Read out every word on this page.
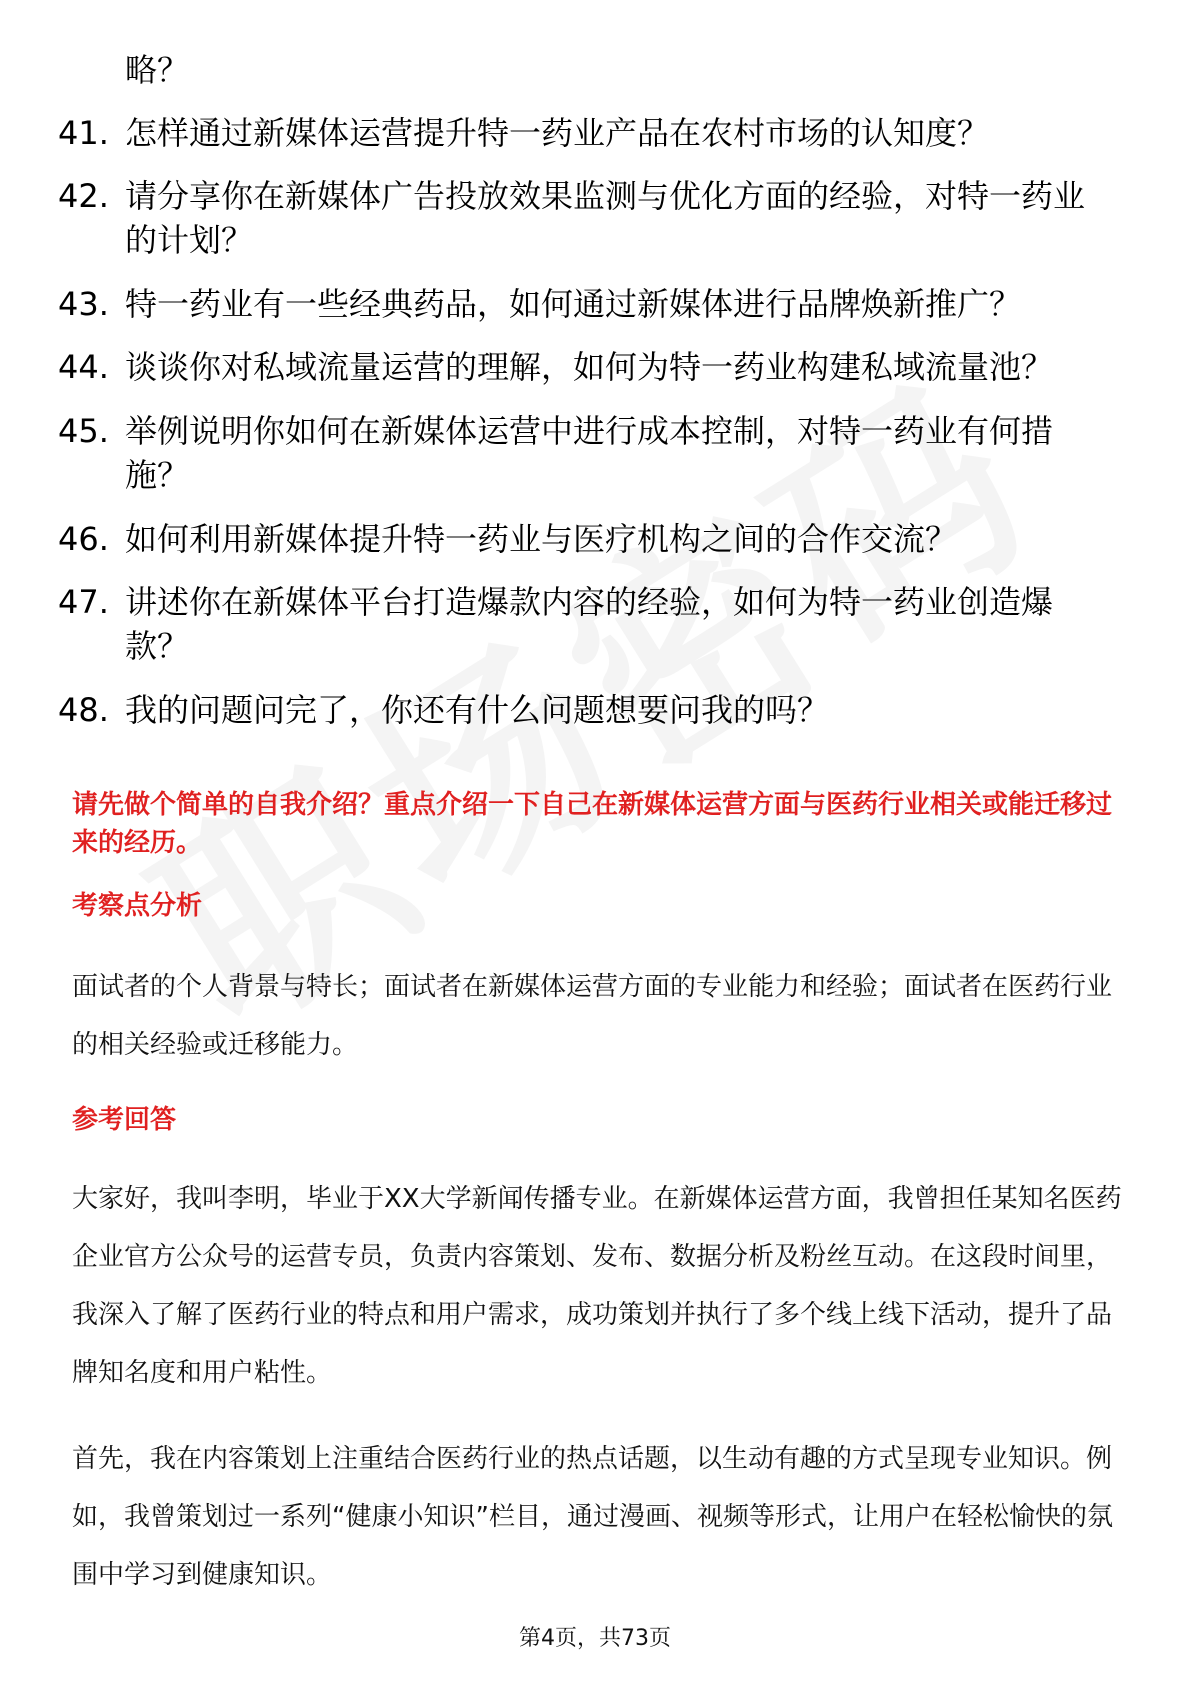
略？
41. 怎样通过新媒体运营提升特一药业产品在农村市场的认知度？
42. 请分享你在新媒体广告投放效果监测与优化方面的经验，对特一药业的计划？
43. 特一药业有一些经典药品，如何通过新媒体进行品牌焕新推广？
44. 谈谈你对私域流量运营的理解，如何为特一药业构建私域流量池？
45. 举例说明你如何在新媒体运营中进行成本控制，对特一药业有何措施？
46. 如何利用新媒体提升特一药业与医疗机构之间的合作交流？
47. 讲述你在新媒体平台打造爆款内容的经验，如何为特一药业创造爆款？
48. 我的问题问完了，你还有什么问题想要问我的吗？
请先做个简单的自我介绍？重点介绍一下自己在新媒体运营方面与医药行业相关或能迁移过来的经历。
考察点分析
面试者的个人背景与特长；面试者在新媒体运营方面的专业能力和经验；面试者在医药行业的相关经验或迁移能力。
参考回答
大家好，我叫李明，毕业于XX大学新闻传播专业。在新媒体运营方面，我曾担任某知名医药企业官方公众号的运营专员，负责内容策划、发布、数据分析及粉丝互动。在这段时间里，我深入了解了医药行业的特点和用户需求，成功策划并执行了多个线上线下活动，提升了品牌知名度和用户粘性。
首先，我在内容策划上注重结合医药行业的热点话题，以生动有趣的方式呈现专业知识。例如，我曾策划过一系列“健康小知识”栏目，通过漫画、视频等形式，让用户在轻松愉快的氛围中学习到健康知识。
第4页，共73页
